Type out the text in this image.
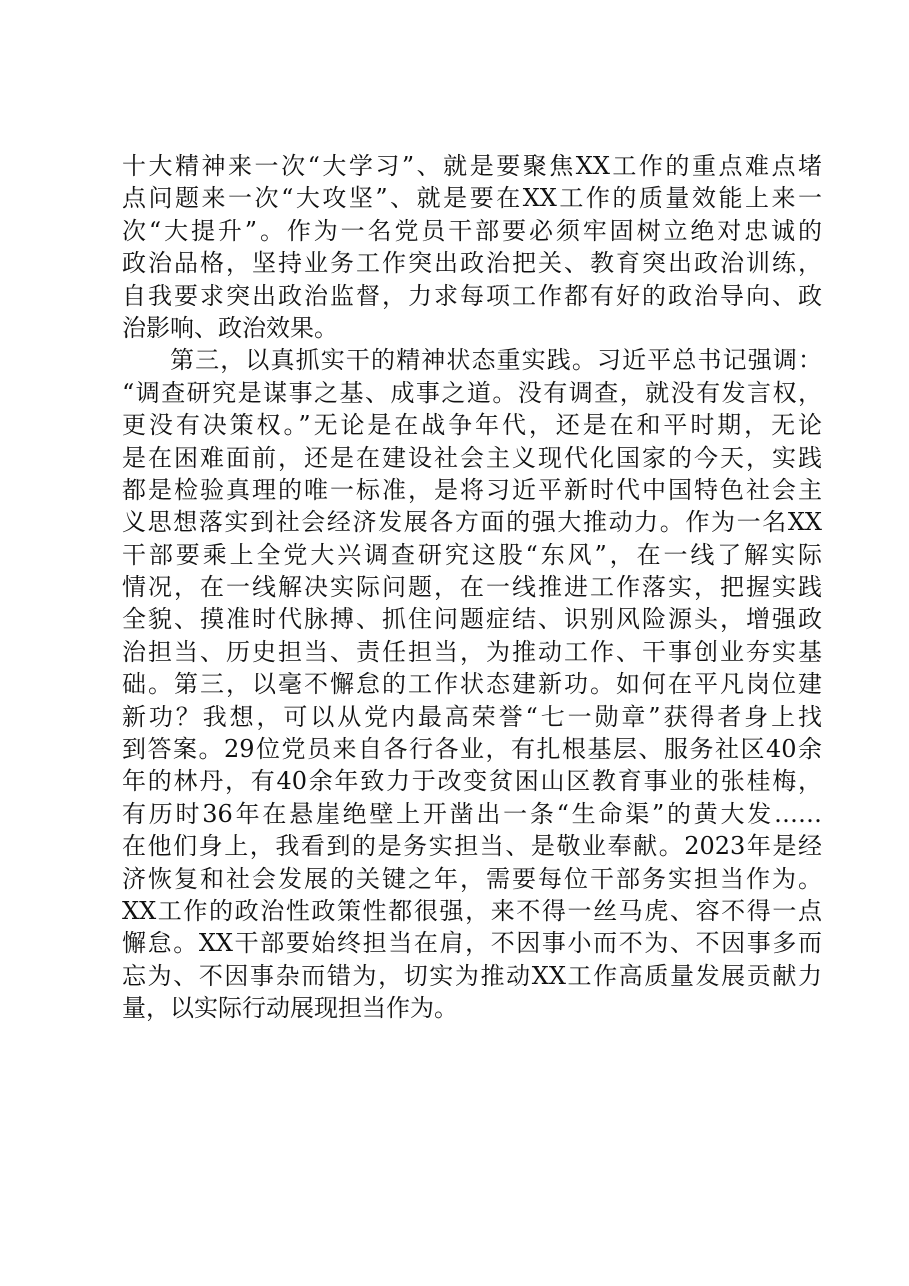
十大精神来一次“大学习”、就是要聚焦XX工作的重点难点堵
点问题来一次“大攻坚”、就是要在XX工作的质量效能上来一
次“大提升”。作为一名党员干部要必须牢固树立绝对忠诚的
政治品格，坚持业务工作突出政治把关、教育突出政治训练，
自我要求突出政治监督，力求每项工作都有好的政治导向、政
治影响、政治效果。
第三，以真抓实干的精神状态重实践。习近平总书记强调：
“调查研究是谋事之基、成事之道。没有调查，就没有发言权，
更没有决策权。”无论是在战争年代，还是在和平时期，无论
是在困难面前，还是在建设社会主义现代化国家的今天，实践
都是检验真理的唯一标准，是将习近平新时代中国特色社会主
义思想落实到社会经济发展各方面的强大推动力。作为一名XX
干部要乘上全党大兴调查研究这股“东风”，在一线了解实际
情况，在一线解决实际问题，在一线推进工作落实，把握实践
全貌、摸准时代脉搏、抓住问题症结、识别风险源头，增强政
治担当、历史担当、责任担当，为推动工作、干事创业夯实基
础。第三，以毫不懈怠的工作状态建新功。如何在平凡岗位建
新功？我想，可以从党内最高荣誉“七一勋章”获得者身上找
到答案。29位党员来自各行各业，有扎根基层、服务社区40余
年的林丹，有40余年致力于改变贫困山区教育事业的张桂梅，
有历时36年在悬崖绝壁上开凿出一条“生命渠”的黄大发……
在他们身上，我看到的是务实担当、是敬业奉献。2023年是经
济恢复和社会发展的关键之年，需要每位干部务实担当作为。
XX工作的政治性政策性都很强，来不得一丝马虎、容不得一点
懈怠。XX干部要始终担当在肩，不因事小而不为、不因事多而
忘为、不因事杂而错为，切实为推动XX工作高质量发展贡献力
量，以实际行动展现担当作为。
